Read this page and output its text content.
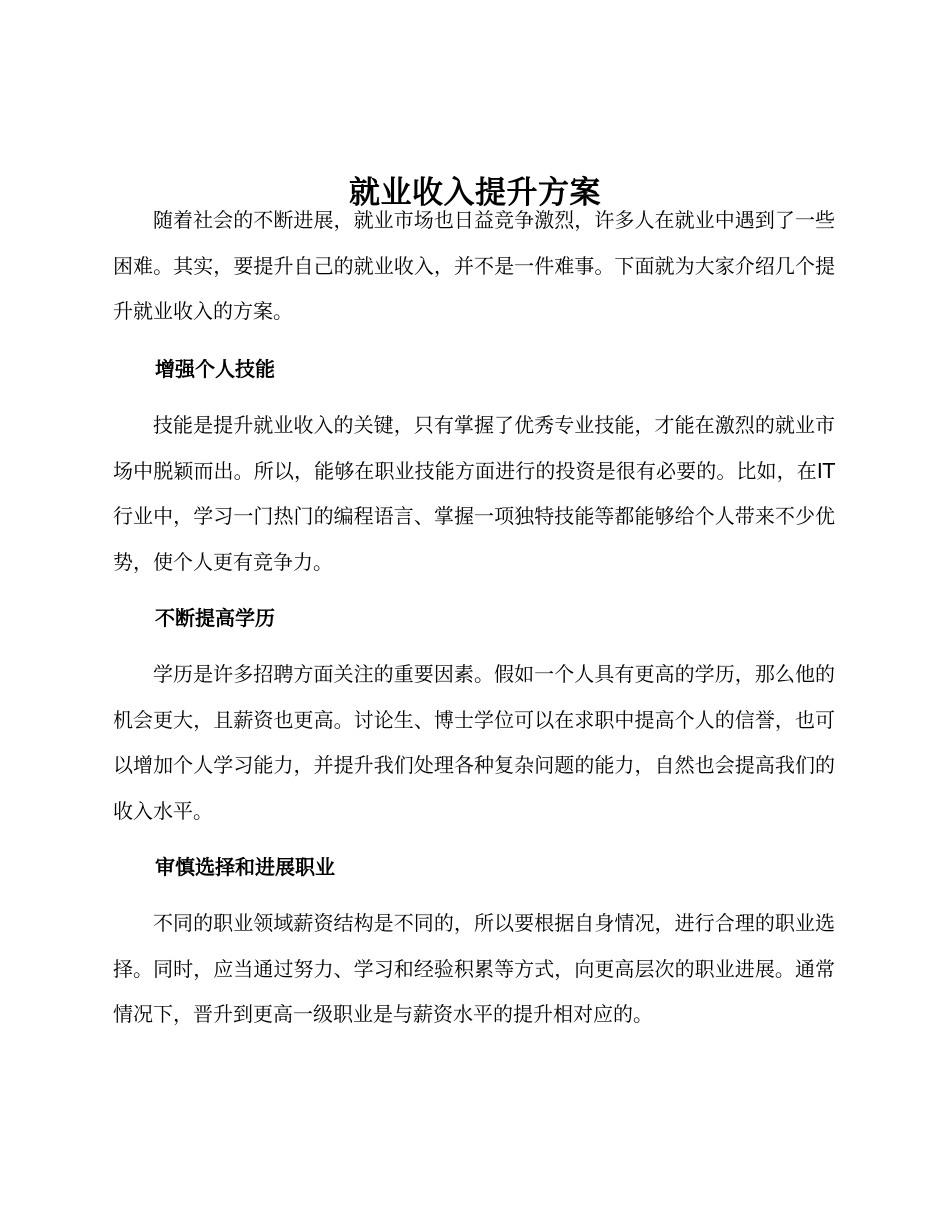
就业收入提升方案

随着社会的不断进展，就业市场也日益竞争激烈，许多人在就业中遇到了一些困难。其实，要提升自己的就业收入，并不是一件难事。下面就为大家介绍几个提升就业收入的方案。

增强个人技能

技能是提升就业收入的关键，只有掌握了优秀专业技能，才能在激烈的就业市场中脱颖而出。所以，能够在职业技能方面进行的投资是很有必要的。比如，在IT行业中，学习一门热门的编程语言、掌握一项独特技能等都能够给个人带来不少优势，使个人更有竞争力。

不断提高学历

学历是许多招聘方面关注的重要因素。假如一个人具有更高的学历，那么他的机会更大，且薪资也更高。讨论生、博士学位可以在求职中提高个人的信誉，也可以增加个人学习能力，并提升我们处理各种复杂问题的能力，自然也会提高我们的收入水平。

审慎选择和进展职业

不同的职业领域薪资结构是不同的，所以要根据自身情况，进行合理的职业选择。同时，应当通过努力、学习和经验积累等方式，向更高层次的职业进展。通常情况下，晋升到更高一级职业是与薪资水平的提升相对应的。
